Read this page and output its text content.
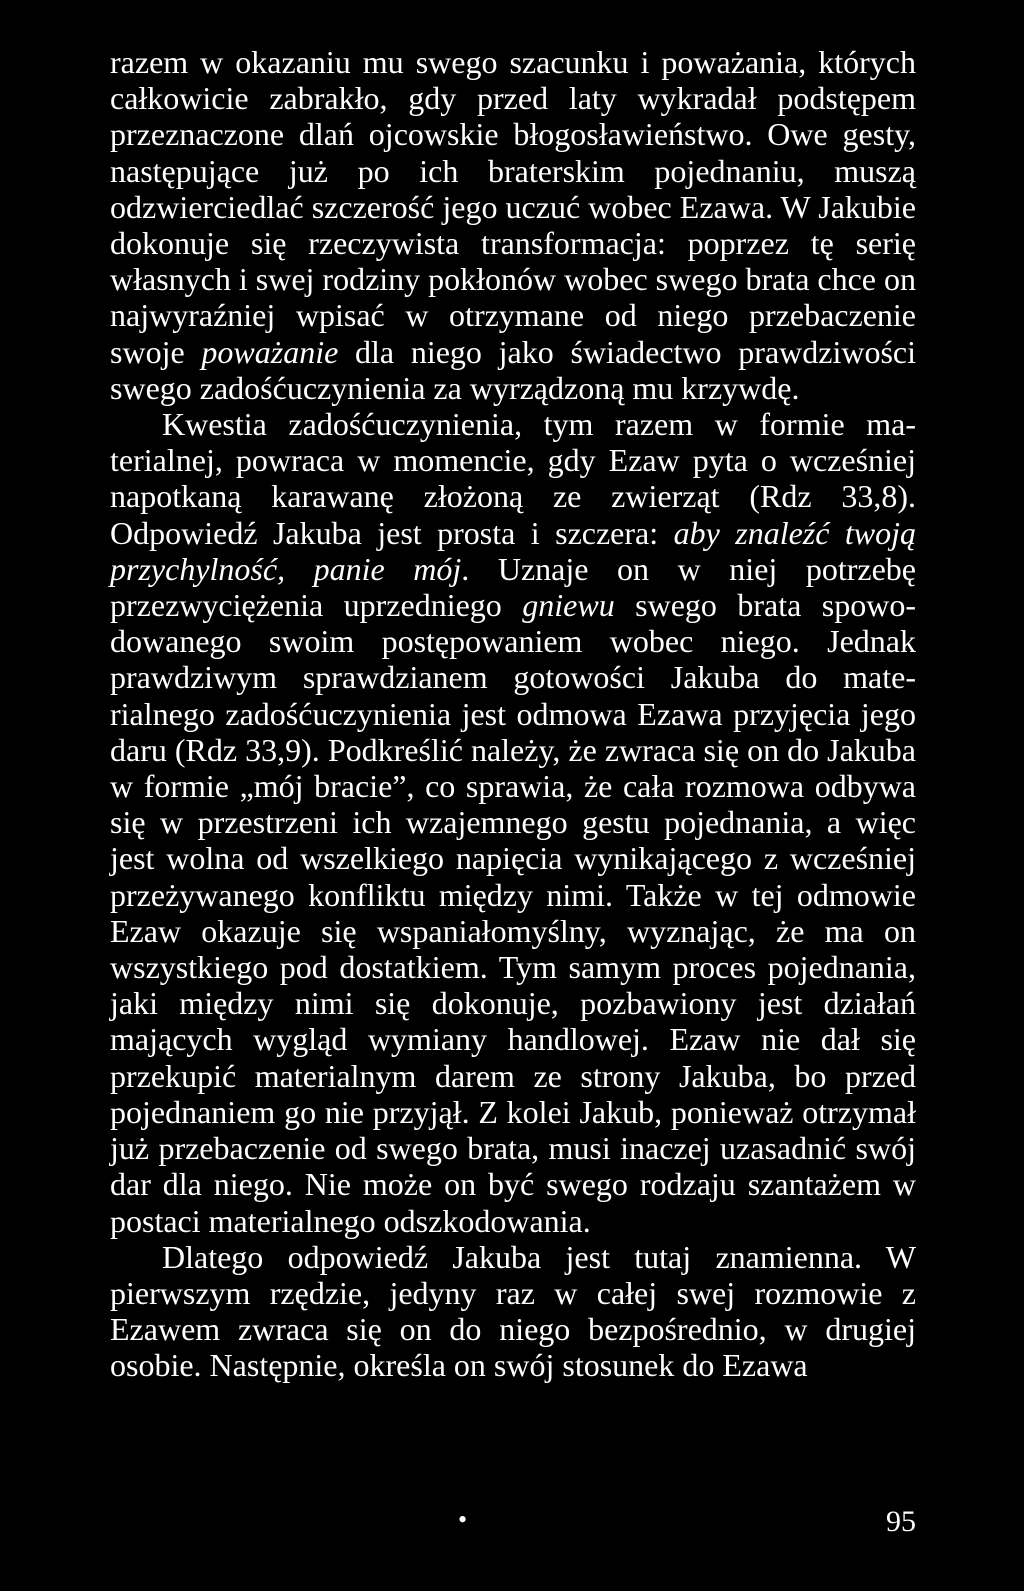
razem w okazaniu mu swego szacunku i poważania, których całkowicie zabrakło, gdy przed laty wykradał podstępem przeznaczone dlań ojcowskie błogosławieństwo. Owe gesty, następujące już po ich braterskim pojednaniu, muszą odzwierciedlać szczerość jego uczuć wobec Ezawa. W Jakubie dokonuje się rzeczywista transformacja: poprzez tę serię własnych i swej rodziny pokłonów wobec swego brata chce on najwyraźniej wpisać w otrzymane od niego przebaczenie swoje poważanie dla niego jako świadectwo prawdziwości swego zadośćuczynienia za wyrządzoną mu krzywdę.

Kwestia zadośćuczynienia, tym razem w formie materialnej, powraca w momencie, gdy Ezaw pyta o wcześniej napotkaną karawanę złożoną ze zwierząt (Rdz 33,8). Odpowiedź Jakuba jest prosta i szczera: aby znaleźć twoją przychylność, panie mój. Uznaje on w niej potrzebę przezwyciężenia uprzedniego gniewu swego brata spowodowanego swoim postępowaniem wobec niego. Jednak prawdziwym sprawdzianem gotowości Jakuba do materialnego zadośćuczynienia jest odmowa Ezawa przyjęcia jego daru (Rdz 33,9). Podkreślić należy, że zwraca się on do Jakuba w formie „mój bracie”, co sprawia, że cała rozmowa odbywa się w przestrzeni ich wzajemnego gestu pojednania, a więc jest wolna od wszelkiego napięcia wynikającego z wcześniej przeżywanego konfliktu między nimi. Także w tej odmowie Ezaw okazuje się wspaniałomyślny, wyznając, że ma on wszystkiego pod dostatkiem. Tym samym proces pojednania, jaki między nimi się dokonuje, pozbawiony jest działań mających wygląd wymiany handlowej. Ezaw nie dał się przekupić materialnym darem ze strony Jakuba, bo przed pojednaniem go nie przyjął. Z kolei Jakub, ponieważ otrzymał już przebaczenie od swego brata, musi inaczej uzasadnić swój dar dla niego. Nie może on być swego rodzaju szantażem w postaci materialnego odszkodowania.

Dlatego odpowiedź Jakuba jest tutaj znamienna. W pierwszym rzędzie, jedyny raz w całej swej rozmowie z Ezawem zwraca się on do niego bezpośrednio, w drugiej osobie. Następnie, określa on swój stosunek do Ezawa

•	95
